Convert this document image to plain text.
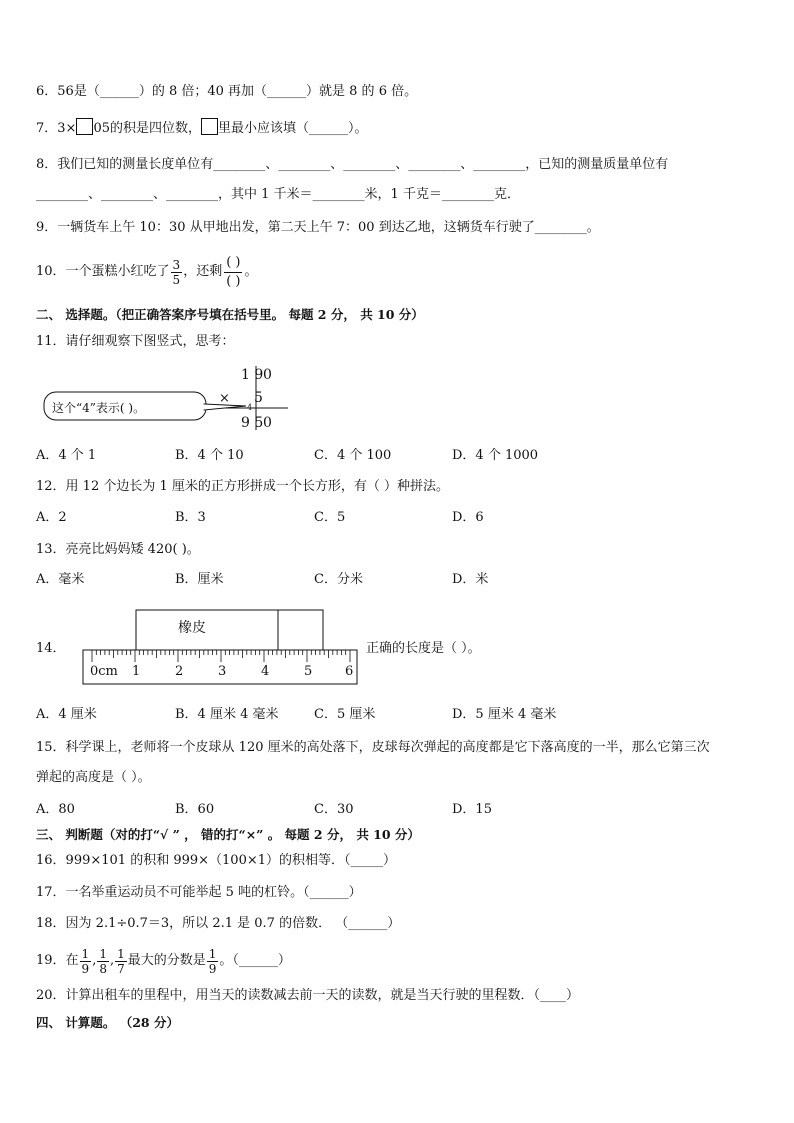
6．56是（______）的 8 倍；40 再加（______）就是 8 的 6 倍。
7．3× 05的积是四位数， 里最小应该填（______）。
8．我们已知的测量长度单位有________、________、________、________、________，已知的测量质量单位有
________、________、________，其中 1 千米＝________米，1 千克＝________克．
9．一辆货车上午 10：30 从甲地出发，第二天上午 7：00 到达乙地，这辆货车行驶了________。
10．一个蛋糕小红吃了 $\frac{3}{5}$ ，还剩
( )
( )
。
二、 选择题。（把正确答案序号填在括号里。 每题 2 分， 共 10 分）
11．请仔细观察下图竖式，思考：
这个“4”表示( )。
1 9 0
× 5
4
9 5 0
A．4 个 1	B．4 个 10	C．4 个 100	D．4 个 1000
12．用 12 个边长为 1 厘米的正方形拼成一个长方形，有（ ）种拼法。
A．2	B．3	C．5	D．6
13．亮亮比妈妈矮 420( )。
A．毫米	B．厘米	C．分米	D．米
14．
橡皮
0cm 1	2	3	4	5	6
正确的长度是（ ）。
A．4 厘米	B．4 厘米 4 毫米	C．5 厘米	D．5 厘米 4 毫米
15．科学课上，老师将一个皮球从 120 厘米的高处落下，皮球每次弹起的高度都是它下落高度的一半，那么它第三次
弹起的高度是（ ）。
A．80	B．60	C．30	D．15
三、 判断题（对的打“√ ” ， 错的打“×” 。 每题 2 分， 共 10 分）
16．999×101 的积和 999×（100×1）的积相等．（_____）
17．一名举重运动员不可能举起 5 吨的杠铃。（______）
18．因为 2.1÷0.7＝3，所以 2.1 是 0.7 的倍数． （______）
19．在 $\frac{1}{9}$ , $\frac{1}{8}$ , $\frac{1}{7}$ 最大的分数是 $\frac{1}{9}$ 。（______）
20．计算出租车的里程中，用当天的读数减去前一天的读数，就是当天行驶的里程数．（____）
四、 计算题。 （28 分）
